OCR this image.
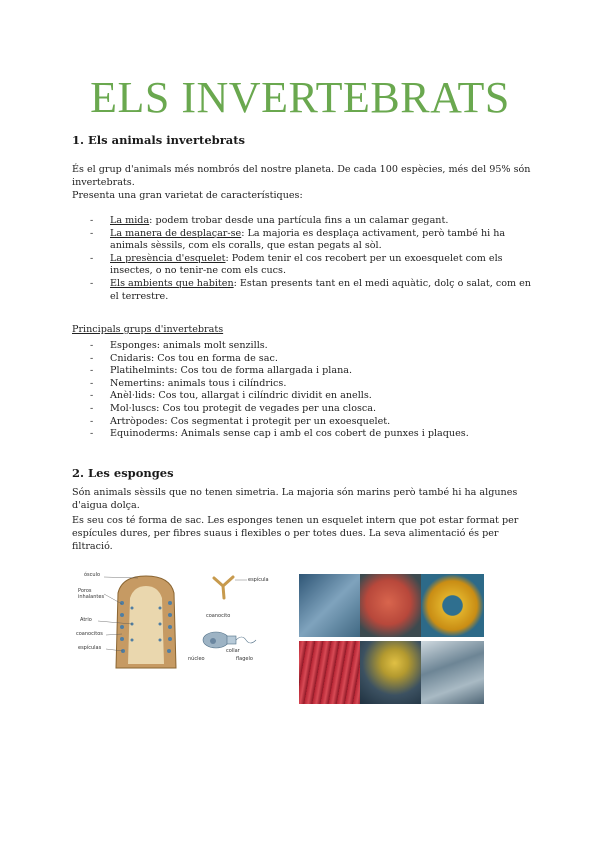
ELS INVERTEBRATS
1. Els animals invertebrats

És el grup d'animals més nombrós del nostre planeta. De cada 100 espècies, més del 95% són invertebrats.

Presenta una gran varietat de característiques:

- La mida: podem trobar desde una partícula fins a un calamar gegant.
- La manera de desplaçar-se: La majoria es desplaça activament, però també hi ha animals sèssils, com els coralls, que estan pegats al sòl.
- La presència d'esquelet: Podem tenir el cos recobert per un exoesquelet com els insectes, o no tenir-ne com els cucs.
- Els ambients que habiten: Estan presents tant en el medi aquàtic, dolç o salat, com en el terrestre.

Principals grups d'invertebrats

- Esponges: animals molt senzills.
- Cnidaris: Cos tou en forma de sac.
- Platihelmints: Cos tou de forma allargada i plana.
- Nemertins: animals tous i cilíndrics.
- Anèl·lids: Cos tou, allargat i cilíndric dividit en anells.
- Mol·luscs: Cos tou protegit de vegades per una closca.
- Artròpodes: Cos segmentat i protegit per un exoesquelet.
- Equinoderms: Animals sense cap i amb el cos cobert de punxes i plaques.
2. Les esponges

Són animals sèssils que no tenen simetria. La majoria són marins però també hi ha algunes d'aigua dolça.

Es seu cos té forma de sac. Les esponges tenen un esquelet intern que pot estar format per espícules dures, per fibres suaus i flexibles o per totes dues. La seva alimentació és per filtració.

ósculo
Poros inhalantes
Atrio
coanocitos
espículas
espícula
coanocito
collar
núcleo	flagelo
